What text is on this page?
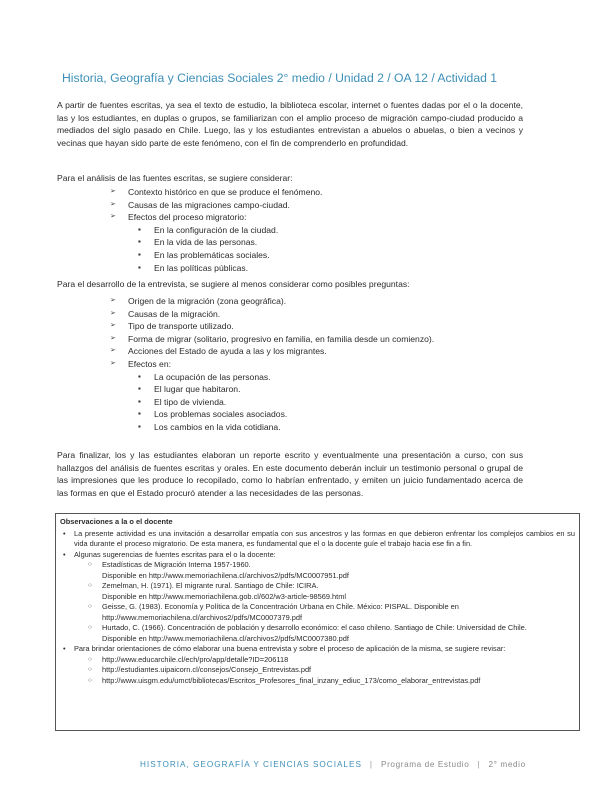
Historia, Geografía y Ciencias Sociales 2° medio / Unidad 2 / OA 12 / Actividad 1

A partir de fuentes escritas, ya sea el texto de estudio, la biblioteca escolar, internet o fuentes dadas por el o la docente, las y los estudiantes, en duplas o grupos, se familiarizan con el amplio proceso de migración campo-ciudad producido a mediados del siglo pasado en Chile. Luego, las y los estudiantes entrevistan a abuelos o abuelas, o bien a vecinos y vecinas que hayan sido parte de este fenómeno, con el fin de comprenderlo en profundidad.

Para el análisis de las fuentes escritas, se sugiere considerar:

➢ Contexto histórico en que se produce el fenómeno.
➢ Causas de las migraciones campo-ciudad.
➢ Efectos del proceso migratorio:
▪ En la configuración de la ciudad.
▪ En la vida de las personas.
▪ En las problemáticas sociales.
▪ En las políticas públicas.

Para el desarrollo de la entrevista, se sugiere al menos considerar como posibles preguntas:

➢ Origen de la migración (zona geográfica).
➢ Causas de la migración.
➢ Tipo de transporte utilizado.
➢ Forma de migrar (solitario, progresivo en familia, en familia desde un comienzo).
➢ Acciones del Estado de ayuda a las y los migrantes.
➢ Efectos en:
▪ La ocupación de las personas.
▪ El lugar que habitaron.
▪ El tipo de vivienda.
▪ Los problemas sociales asociados.
▪ Los cambios en la vida cotidiana.

Para finalizar, los y las estudiantes elaboran un reporte escrito y eventualmente una presentación a curso, con sus hallazgos del análisis de fuentes escritas y orales. En este documento deberán incluir un testimonio personal o grupal de las impresiones que les produce lo recopilado, como lo habrían enfrentado, y emiten un juicio fundamentado acerca de las formas en que el Estado procuró atender a las necesidades de las personas.

Observaciones a la o el docente
• La presente actividad es una invitación a desarrollar empatía con sus ancestros y las formas en que debieron enfrentar los complejos cambios en su vida durante el proceso migratorio. De esta manera, es fundamental que el o la docente guíe el trabajo hacia ese fin a fin.
• Algunas sugerencias de fuentes escritas para el o la docente:
○ Estadísticas de Migración Interna 1957-1960.
Disponible en http://www.memoriachilena.cl/archivos2/pdfs/MC0007951.pdf
○ Zemelman, H. (1971). El migrante rural. Santiago de Chile: ICIRA.
Disponible en http://www.memoriachilena.gob.cl/602/w3-article-98569.html
○ Geisse, G. (1983). Economía y Política de la Concentración Urbana en Chile. México: PISPAL. Disponible en
http://www.memoriachilena.cl/archivos2/pdfs/MC0007379.pdf
○ Hurtado, C. (1966). Concentración de población y desarrollo económico: el caso chileno. Santiago de Chile: Universidad de Chile.
Disponible en http://www.memoriachilena.cl/archivos2/pdfs/MC0007380.pdf
• Para brindar orientaciones de cómo elaborar una buena entrevista y sobre el proceso de aplicación de la misma, se sugiere revisar:
○ http://www.educarchile.cl/ech/pro/app/detalle?ID=206118
○ http://estudiantes.uipaicorn.cl/consejos/Consejo_Entrevistas.pdf
○ http://www.uisgm.edu/umct/bibliotecas/Escritos_Profesores_final_inzany_ediuc_173/como_elaborar_entrevistas.pdf
HISTORIA, GEOGRAFÍA Y CIENCIAS SOCIALES | Programa de Estudio | 2° medio
